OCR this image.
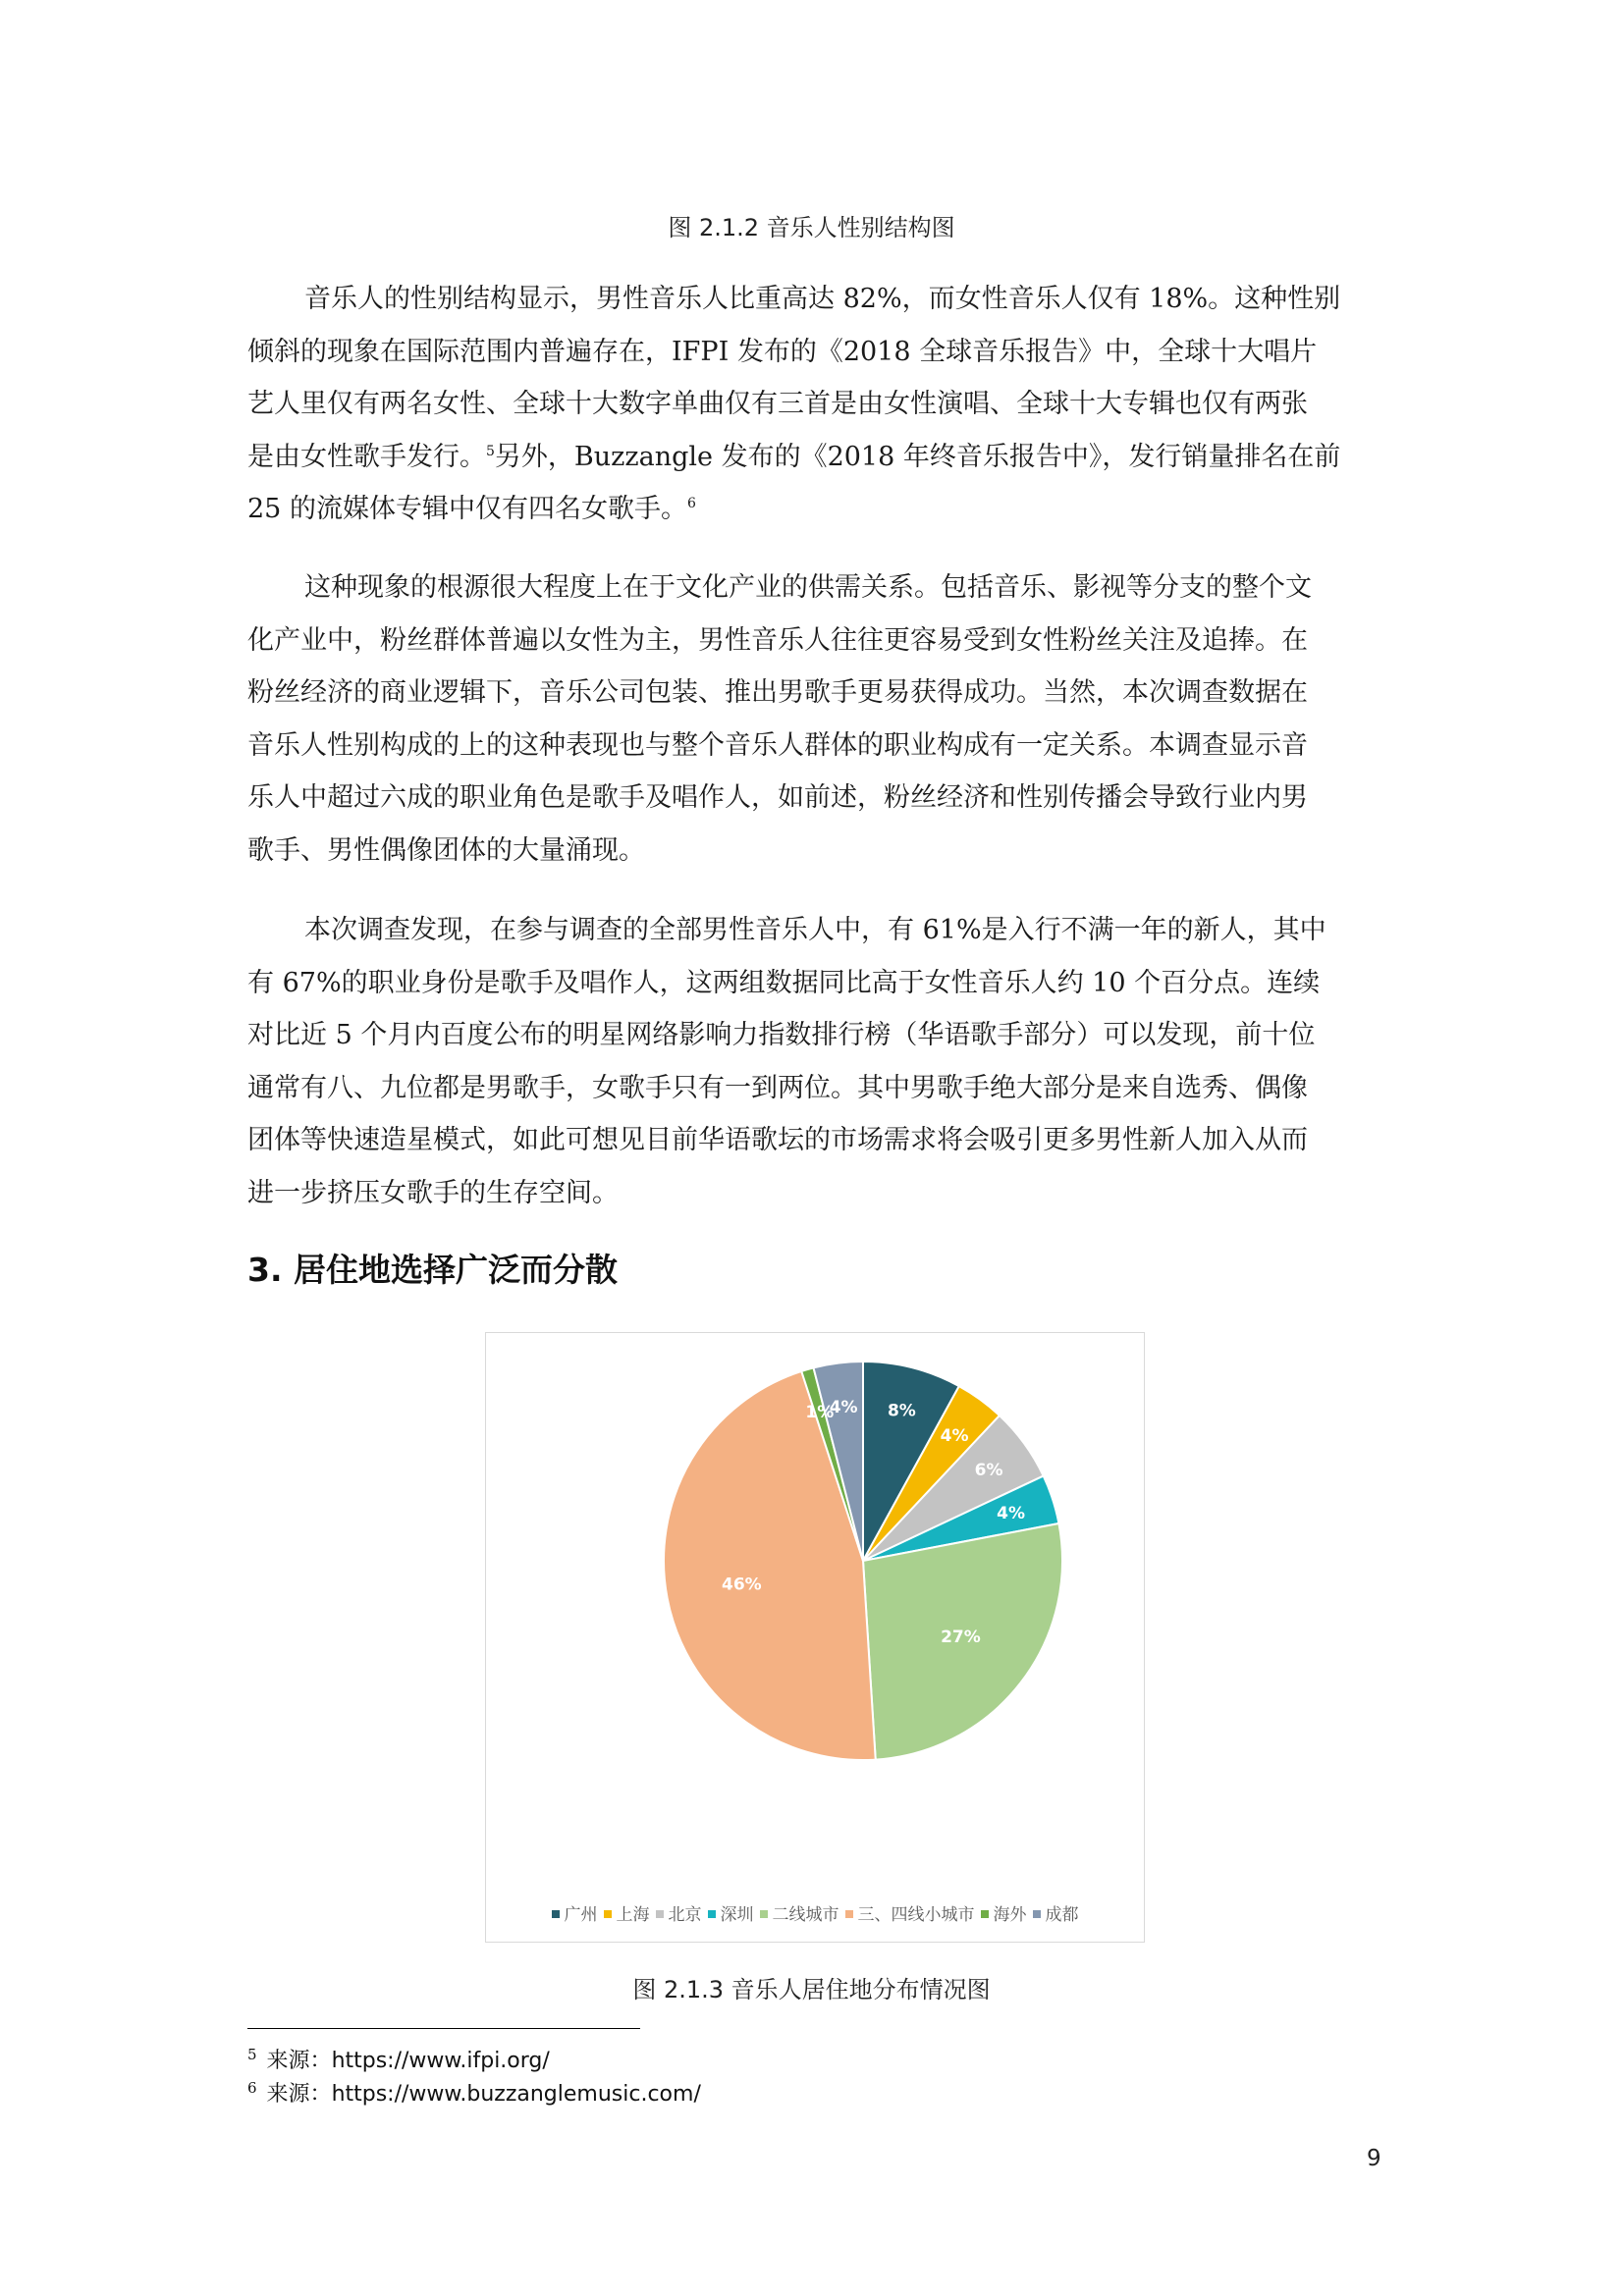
图 2.1.2 音乐人性别结构图
音乐人的性别结构显示，男性音乐人比重高达 82%，而女性音乐人仅有 18%。这种性别
倾斜的现象在国际范围内普遍存在，IFPI 发布的《2018 全球音乐报告》中，全球十大唱片
艺人里仅有两名女性、全球十大数字单曲仅有三首是由女性演唱、全球十大专辑也仅有两张
是由女性歌手发行。$^5$另外，Buzzangle 发布的《2018 年终音乐报告中》，发行销量排名在前
25 的流媒体专辑中仅有四名女歌手。$^6$
这种现象的根源很大程度上在于文化产业的供需关系。包括音乐、影视等分支的整个文
化产业中，粉丝群体普遍以女性为主，男性音乐人往往更容易受到女性粉丝关注及追捧。在
粉丝经济的商业逻辑下，音乐公司包装、推出男歌手更易获得成功。当然，本次调查数据在
音乐人性别构成的上的这种表现也与整个音乐人群体的职业构成有一定关系。本调查显示音
乐人中超过六成的职业角色是歌手及唱作人，如前述，粉丝经济和性别传播会导致行业内男
歌手、男性偶像团体的大量涌现。
本次调查发现，在参与调查的全部男性音乐人中，有 61%是入行不满一年的新人，其中
有 67%的职业身份是歌手及唱作人，这两组数据同比高于女性音乐人约 10 个百分点。连续
对比近 5 个月内百度公布的明星网络影响力指数排行榜（华语歌手部分）可以发现，前十位
通常有八、九位都是男歌手，女歌手只有一到两位。其中男歌手绝大部分是来自选秀、偶像
团体等快速造星模式，如此可想见目前华语歌坛的市场需求将会吸引更多男性新人加入从而
进一步挤压女歌手的生存空间。
3. 居住地选择广泛而分散
8%
4%
6%
4%
27%
46%
1%
4%
广州 上海 北京 深圳 二线城市 三、四线小城市 海外 成都
图 2.1.3 音乐人居住地分布情况图
$^5$ 来源：https://www.ifpi.org/
$^6$ 来源：https://www.buzzanglemusic.com/
9
